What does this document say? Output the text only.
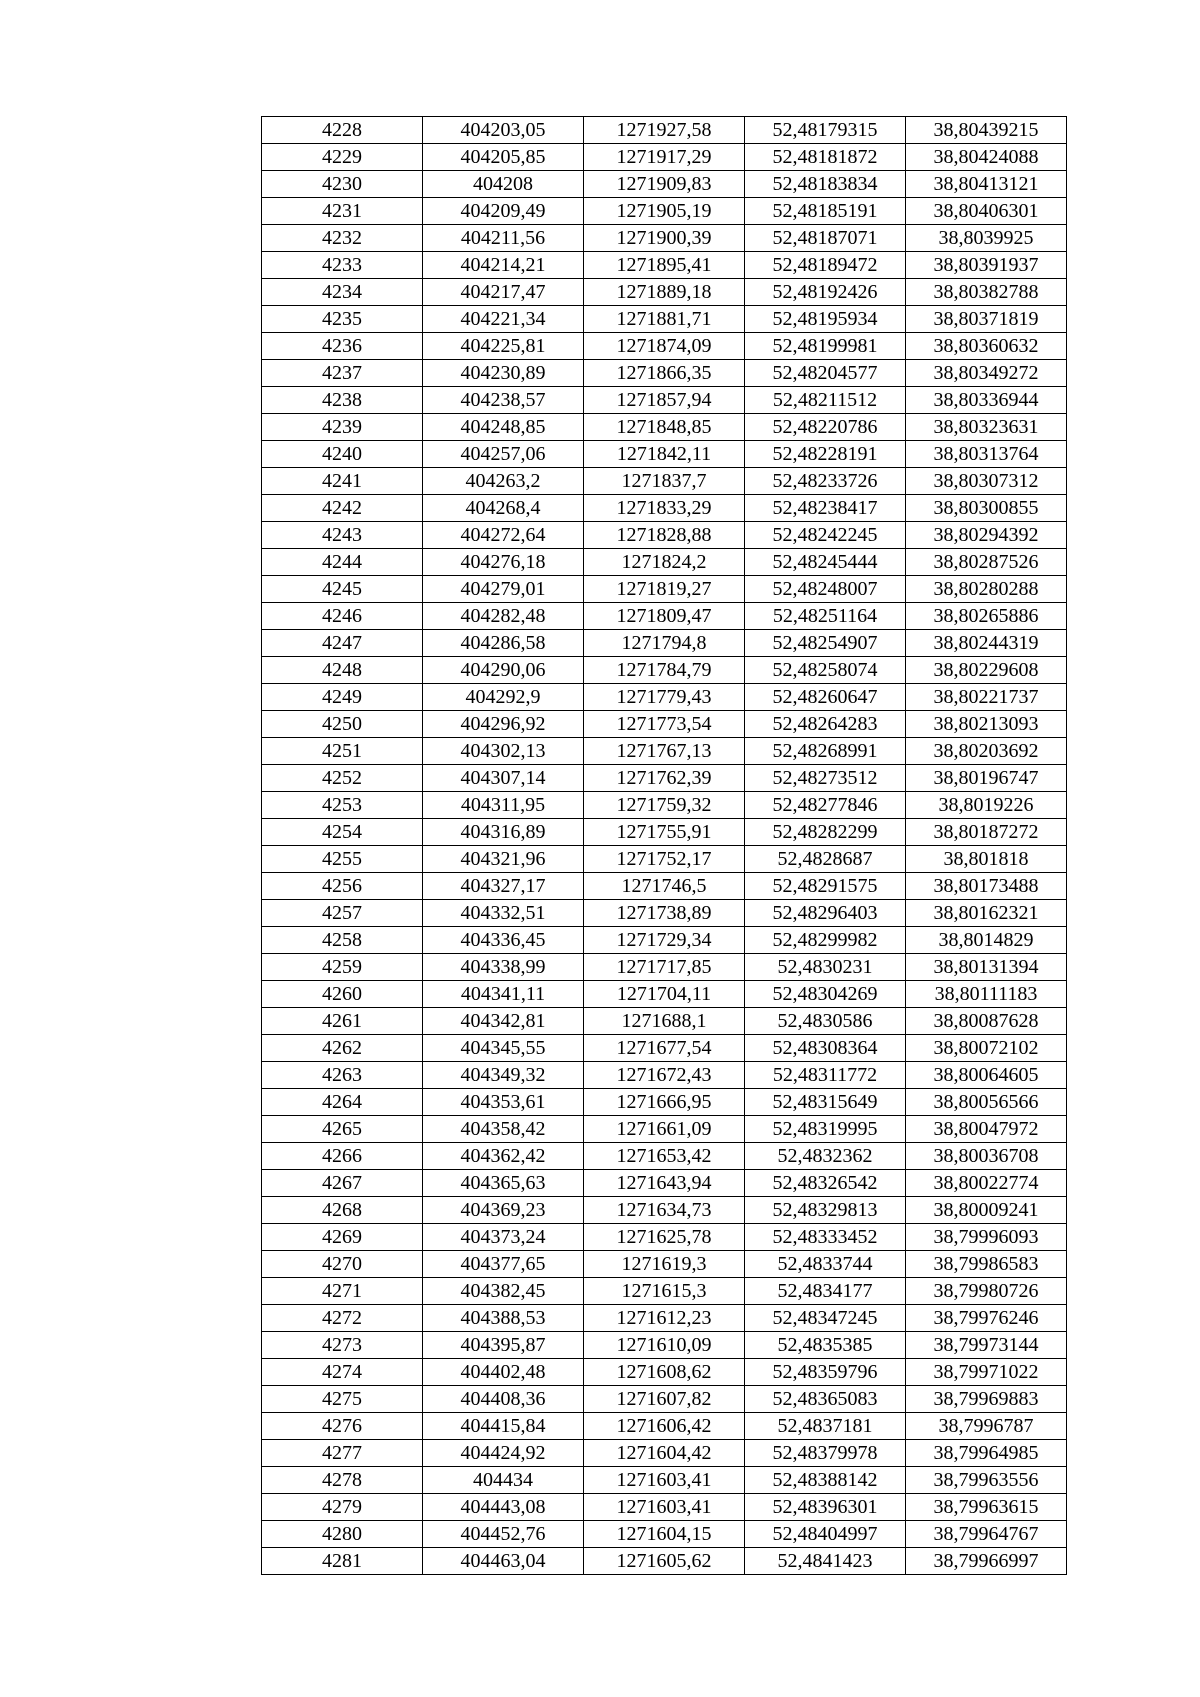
4228	404203,05	1271927,58	52,48179315	38,80439215
4229	404205,85	1271917,29	52,48181872	38,80424088
4230	404208	1271909,83	52,48183834	38,80413121
4231	404209,49	1271905,19	52,48185191	38,80406301
4232	404211,56	1271900,39	52,48187071	38,8039925
4233	404214,21	1271895,41	52,48189472	38,80391937
4234	404217,47	1271889,18	52,48192426	38,80382788
4235	404221,34	1271881,71	52,48195934	38,80371819
4236	404225,81	1271874,09	52,48199981	38,80360632
4237	404230,89	1271866,35	52,48204577	38,80349272
4238	404238,57	1271857,94	52,48211512	38,80336944
4239	404248,85	1271848,85	52,48220786	38,80323631
4240	404257,06	1271842,11	52,48228191	38,80313764
4241	404263,2	1271837,7	52,48233726	38,80307312
4242	404268,4	1271833,29	52,48238417	38,80300855
4243	404272,64	1271828,88	52,48242245	38,80294392
4244	404276,18	1271824,2	52,48245444	38,80287526
4245	404279,01	1271819,27	52,48248007	38,80280288
4246	404282,48	1271809,47	52,48251164	38,80265886
4247	404286,58	1271794,8	52,48254907	38,80244319
4248	404290,06	1271784,79	52,48258074	38,80229608
4249	404292,9	1271779,43	52,48260647	38,80221737
4250	404296,92	1271773,54	52,48264283	38,80213093
4251	404302,13	1271767,13	52,48268991	38,80203692
4252	404307,14	1271762,39	52,48273512	38,80196747
4253	404311,95	1271759,32	52,48277846	38,8019226
4254	404316,89	1271755,91	52,48282299	38,80187272
4255	404321,96	1271752,17	52,4828687	38,801818
4256	404327,17	1271746,5	52,48291575	38,80173488
4257	404332,51	1271738,89	52,48296403	38,80162321
4258	404336,45	1271729,34	52,48299982	38,8014829
4259	404338,99	1271717,85	52,4830231	38,80131394
4260	404341,11	1271704,11	52,48304269	38,80111183
4261	404342,81	1271688,1	52,4830586	38,80087628
4262	404345,55	1271677,54	52,48308364	38,80072102
4263	404349,32	1271672,43	52,48311772	38,80064605
4264	404353,61	1271666,95	52,48315649	38,80056566
4265	404358,42	1271661,09	52,48319995	38,80047972
4266	404362,42	1271653,42	52,4832362	38,80036708
4267	404365,63	1271643,94	52,48326542	38,80022774
4268	404369,23	1271634,73	52,48329813	38,80009241
4269	404373,24	1271625,78	52,48333452	38,79996093
4270	404377,65	1271619,3	52,4833744	38,79986583
4271	404382,45	1271615,3	52,4834177	38,79980726
4272	404388,53	1271612,23	52,48347245	38,79976246
4273	404395,87	1271610,09	52,4835385	38,79973144
4274	404402,48	1271608,62	52,48359796	38,79971022
4275	404408,36	1271607,82	52,48365083	38,79969883
4276	404415,84	1271606,42	52,4837181	38,7996787
4277	404424,92	1271604,42	52,48379978	38,79964985
4278	404434	1271603,41	52,48388142	38,79963556
4279	404443,08	1271603,41	52,48396301	38,79963615
4280	404452,76	1271604,15	52,48404997	38,79964767
4281	404463,04	1271605,62	52,4841423	38,79966997
